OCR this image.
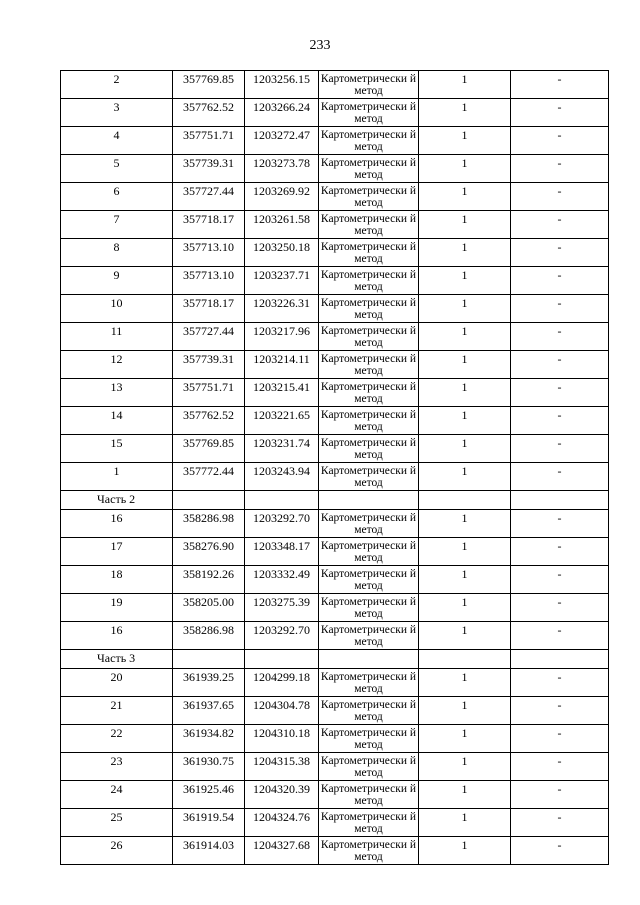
233
2	357769.85	1203256.15	Картометрически й метод	1	-
3	357762.52	1203266.24	Картометрически й метод	1	-
4	357751.71	1203272.47	Картометрически й метод	1	-
5	357739.31	1203273.78	Картометрически й метод	1	-
6	357727.44	1203269.92	Картометрически й метод	1	-
7	357718.17	1203261.58	Картометрически й метод	1	-
8	357713.10	1203250.18	Картометрически й метод	1	-
9	357713.10	1203237.71	Картометрически й метод	1	-
10	357718.17	1203226.31	Картометрически й метод	1	-
11	357727.44	1203217.96	Картометрически й метод	1	-
12	357739.31	1203214.11	Картометрически й метод	1	-
13	357751.71	1203215.41	Картометрически й метод	1	-
14	357762.52	1203221.65	Картометрически й метод	1	-
15	357769.85	1203231.74	Картометрически й метод	1	-
1	357772.44	1203243.94	Картометрически й метод	1	-
Часть 2					
16	358286.98	1203292.70	Картометрически й метод	1	-
17	358276.90	1203348.17	Картометрически й метод	1	-
18	358192.26	1203332.49	Картометрически й метод	1	-
19	358205.00	1203275.39	Картометрически й метод	1	-
16	358286.98	1203292.70	Картометрически й метод	1	-
Часть 3					
20	361939.25	1204299.18	Картометрически й метод	1	-
21	361937.65	1204304.78	Картометрически й метод	1	-
22	361934.82	1204310.18	Картометрически й метод	1	-
23	361930.75	1204315.38	Картометрически й метод	1	-
24	361925.46	1204320.39	Картометрически й метод	1	-
25	361919.54	1204324.76	Картометрически й метод	1	-
26	361914.03	1204327.68	Картометрически й метод	1	-
